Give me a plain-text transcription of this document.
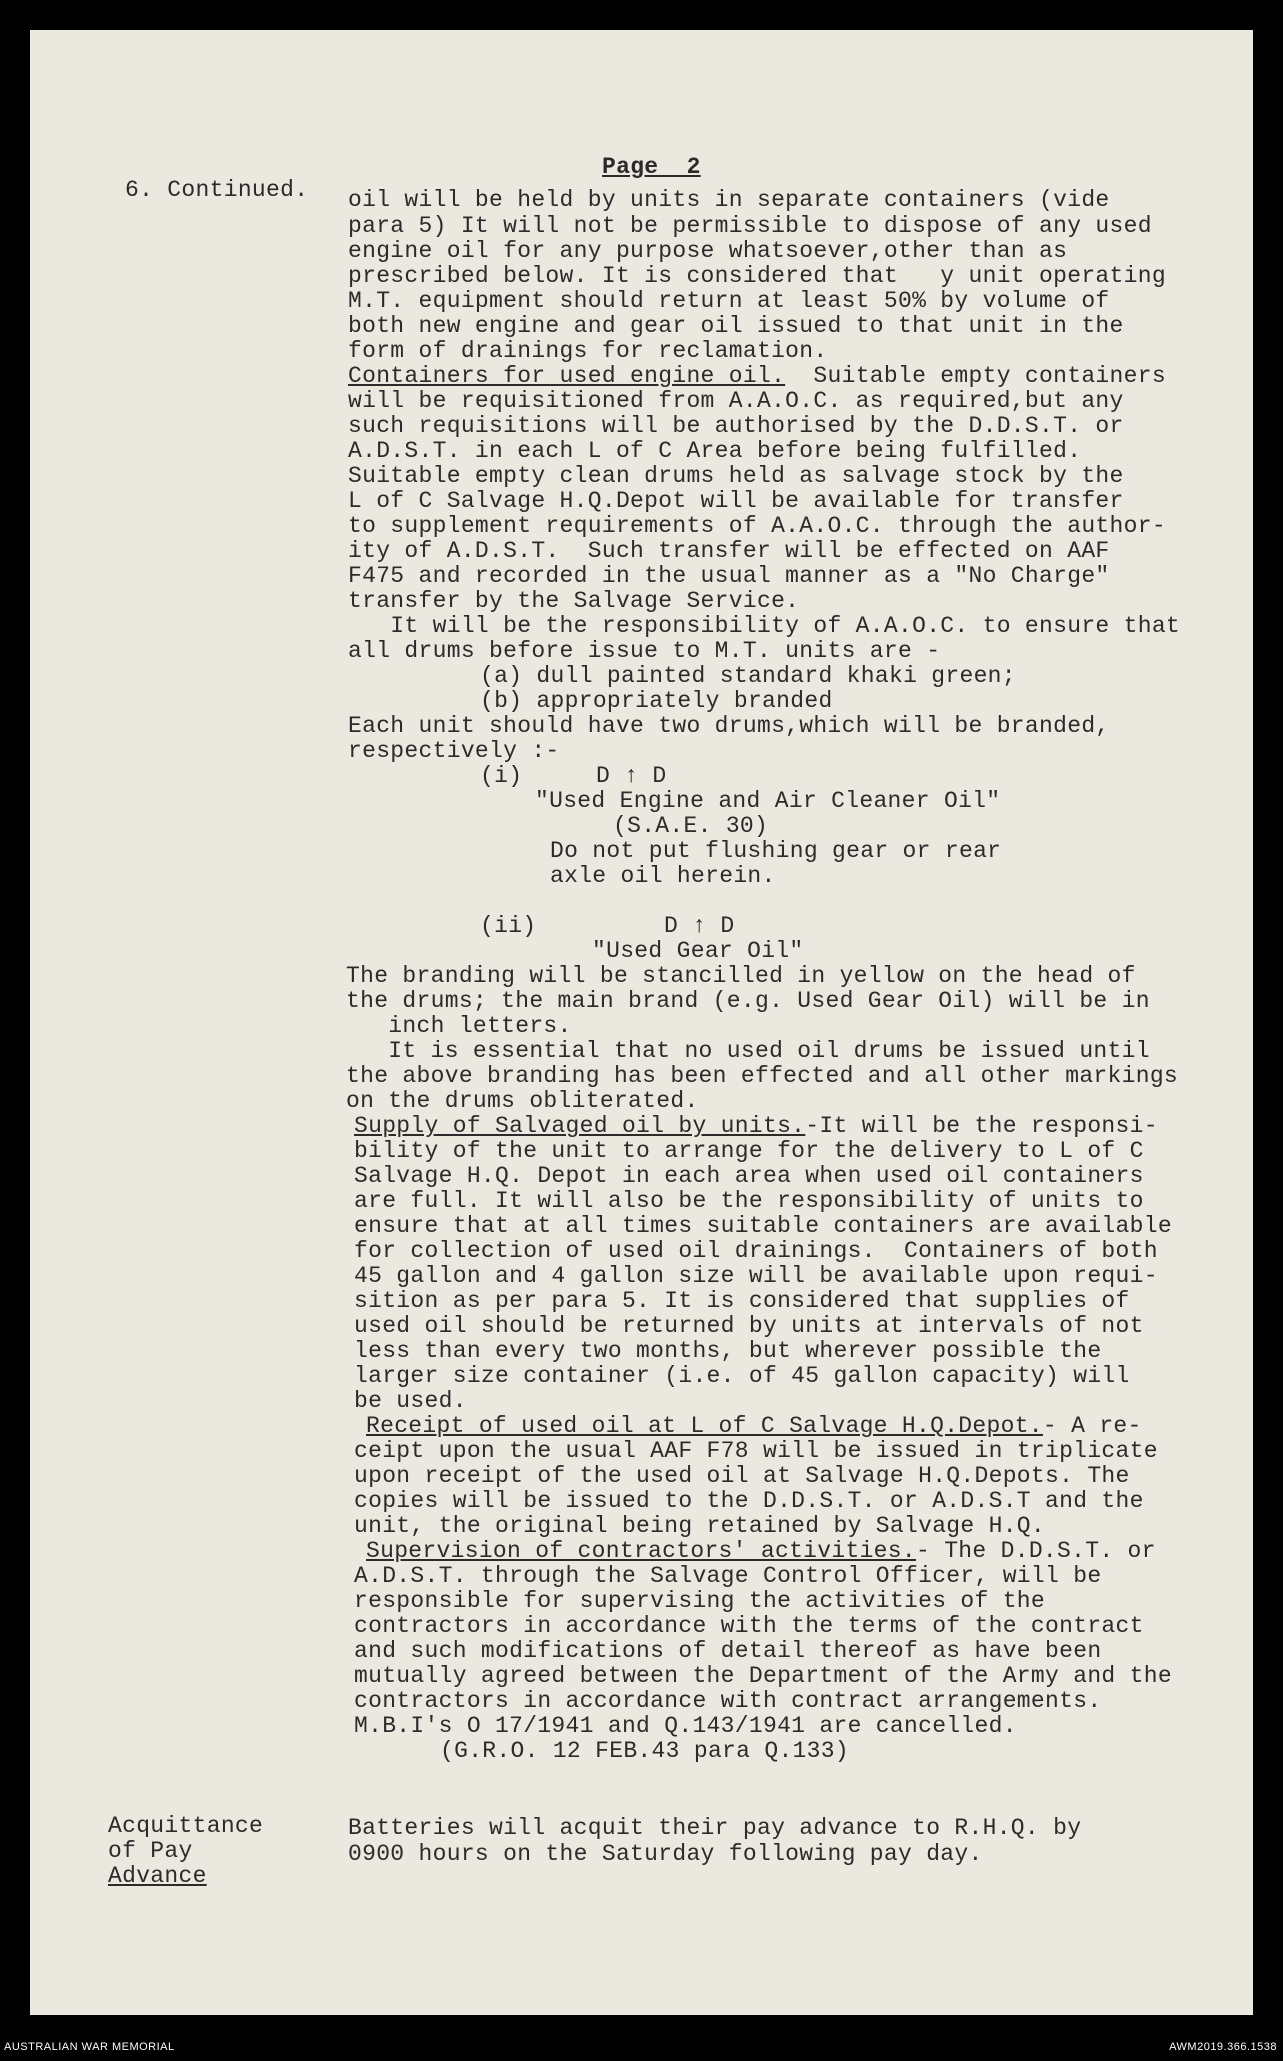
Page  2
6. Continued. oil will be held by units in separate containers (vide
para 5) It will not be permissible to dispose of any used
engine oil for any purpose whatsoever,other than as
prescribed below. It is considered that   y unit operating
M.T. equipment should return at least 50% by volume of
both new engine and gear oil issued to that unit in the
form of drainings for reclamation.
Containers for used engine oil. Suitable empty containers
will be requisitioned from A.A.O.C. as required,but any
such requisitions will be authorised by the D.D.S.T. or
A.D.S.T. in each L of C Area before being fulfilled.
Suitable empty clean drums held as salvage stock by the
L of C Salvage H.Q.Depot will be available for transfer
to supplement requirements of A.A.O.C. through the author-
ity of A.D.S.T.  Such transfer will be effected on AAF
F475 and recorded in the usual manner as a "No Charge"
transfer by the Salvage Service.
It will be the responsibility of A.A.O.C. to ensure that
all drums before issue to M.T. units are -
(a) dull painted standard khaki green;
(b) appropriately branded
Each unit should have two drums,which will be branded,
respectively :-
(i)	D ↑ D
"Used Engine and Air Cleaner Oil"
(S.A.E. 30)
Do not put flushing gear or rear
axle oil herein.
(ii)	D ↑ D
"Used Gear Oil"
The branding will be stancilled in yellow on the head of
the drums; the main brand (e.g. Used Gear Oil) will be in
inch letters.
It is essential that no used oil drums be issued until
the above branding has been effected and all other markings
on the drums obliterated.
Supply of Salvaged oil by units.-It will be the responsi-
bility of the unit to arrange for the delivery to L of C
Salvage H.Q. Depot in each area when used oil containers
are full. It will also be the responsibility of units to
ensure that at all times suitable containers are available
for collection of used oil drainings.  Containers of both
45 gallon and 4 gallon size will be available upon requi-
sition as per para 5. It is considered that supplies of
used oil should be returned by units at intervals of not
less than every two months, but wherever possible the
larger size container (i.e. of 45 gallon capacity) will
be used.
Receipt of used oil at L of C Salvage H.Q.Depot.- A re-
ceipt upon the usual AAF F78 will be issued in triplicate
upon receipt of the used oil at Salvage H.Q.Depots. The
copies will be issued to the D.D.S.T. or A.D.S.T and the
unit, the original being retained by Salvage H.Q.
Supervision of contractors' activities.- The D.D.S.T. or
A.D.S.T. through the Salvage Control Officer, will be
responsible for supervising the activities of the
contractors in accordance with the terms of the contract
and such modifications of detail thereof as have been
mutually agreed between the Department of the Army and the
contractors in accordance with contract arrangements.
M.B.I's O 17/1941 and Q.143/1941 are cancelled.
(G.R.O. 12 FEB.43 para Q.133)
Acquittance
of Pay
Advance
Batteries will acquit their pay advance to R.H.Q. by
0900 hours on the Saturday following pay day.
AUSTRALIAN WAR MEMORIAL	AWM2019.366.1538
